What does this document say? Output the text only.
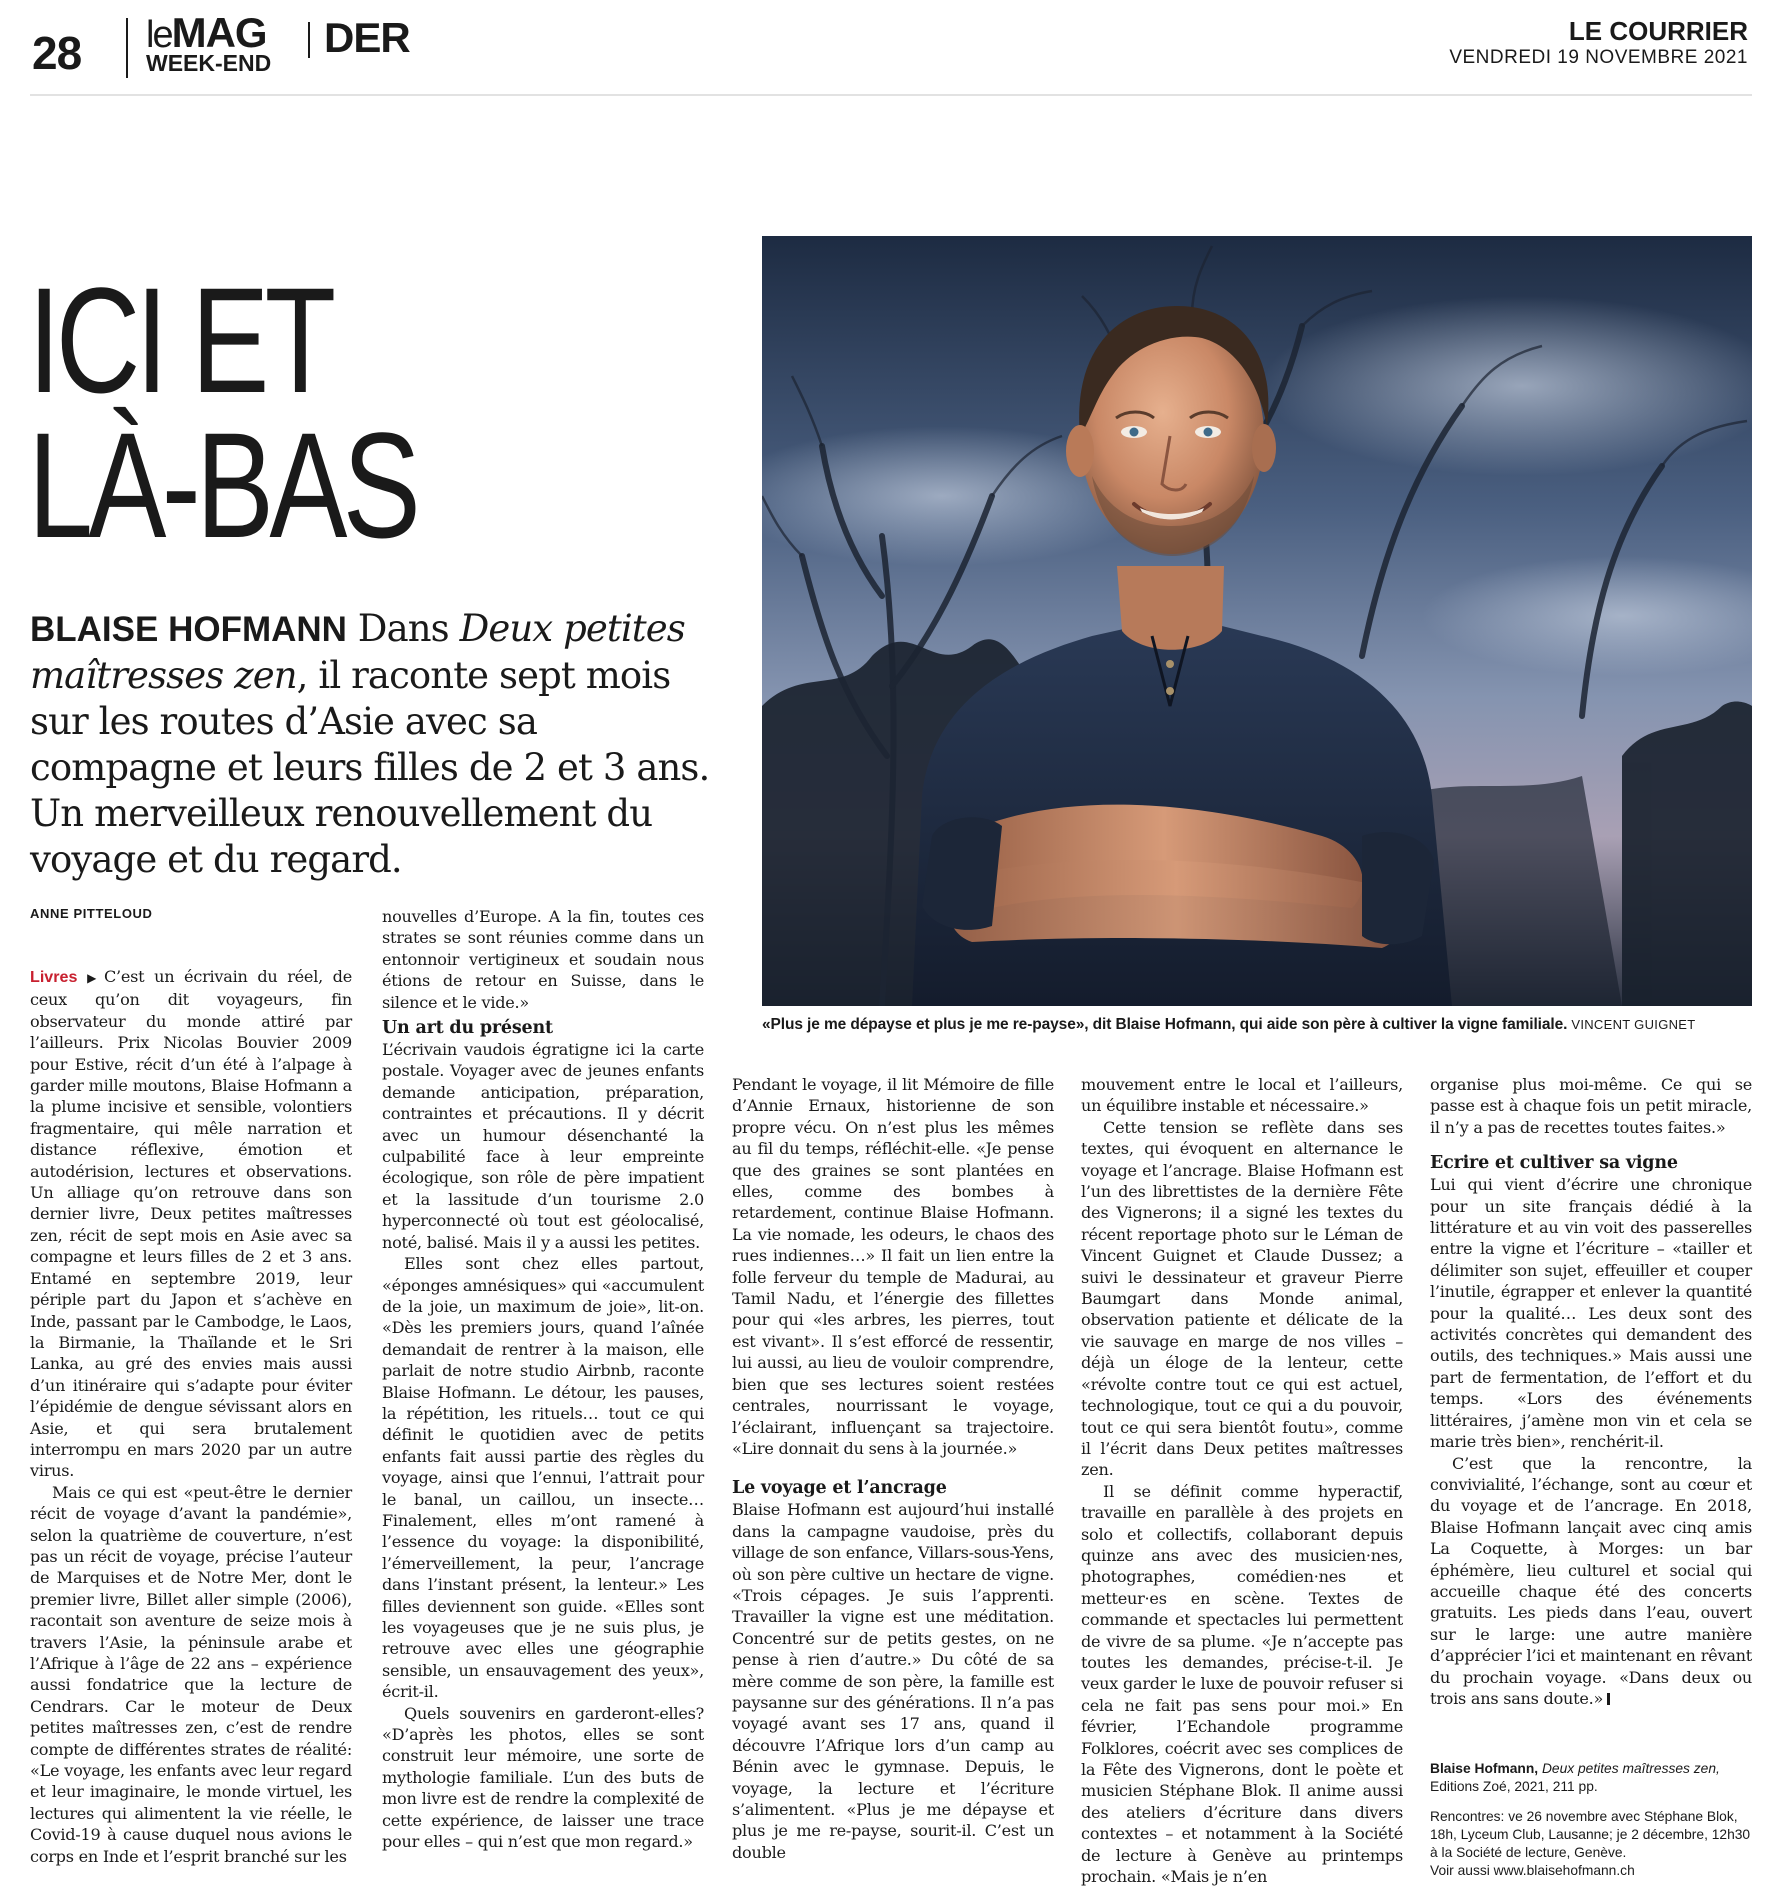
28 leMAG
WEEK-END
DER	LE COURRIER
VENDREDI 19 NOVEMBRE 2021
ICI ET
LÀ-BAS

«Plus je me dépayse et plus je me re-payse», dit Blaise Hofmann, qui aide son père à cultiver la vigne familiale. VINCENT GUIGNET

BLAISE HOFMANN Dans Deux petites maîtresses zen, il raconte sept mois sur les routes d’Asie avec sa compagne et leurs filles de 2 et 3 ans. Un merveilleux renouvellement du voyage et du regard.

ANNE PITTELOUD

Livres ▶ C’est un écrivain du réel, de ceux qu’on dit voyageurs, fin observateur du monde attiré par l’ailleurs. Prix Nicolas Bouvier 2009 pour Estive, récit d’un été à l’alpage à garder mille moutons, Blaise Hofmann a la plume incisive et sensible, volontiers fragmentaire, qui mêle narration et distance réflexive, émotion et autodérision, lectures et observations. Un alliage qu’on retrouve dans son dernier livre, Deux petites maîtresses zen, récit de sept mois en Asie avec sa compagne et leurs filles de 2 et 3 ans. Entamé en septembre 2019, leur périple part du Japon et s’achève en Inde, passant par le Cambodge, le Laos, la Birmanie, la Thaïlande et le Sri Lanka, au gré des envies mais aussi d’un itinéraire qui s’adapte pour éviter l’épidémie de dengue sévissant alors en Asie, et qui sera brutalement interrompu en mars 2020 par un autre virus.

Mais ce qui est «peut-être le dernier récit de voyage d’avant la pandémie», selon la quatrième de couverture, n’est pas un récit de voyage, précise l’auteur de Marquises et de Notre Mer, dont le premier livre, Billet aller simple (2006), racontait son aventure de seize mois à travers l’Asie, la péninsule arabe et l’Afrique à l’âge de 22 ans – expérience aussi fondatrice que la lecture de Cendrars. Car le moteur de Deux petites maîtresses zen, c’est de rendre compte de différentes strates de réalité: «Le voyage, les enfants avec leur regard et leur imaginaire, le monde virtuel, les lectures qui alimentent la vie réelle, le Covid-19 à cause duquel nous avions le corps en Inde et l’esprit branché sur les

nouvelles d’Europe. A la fin, toutes ces strates se sont réunies comme dans un entonnoir vertigineux et soudain nous étions de retour en Suisse, dans le silence et le vide.»

Un art du présent

L’écrivain vaudois égratigne ici la carte postale. Voyager avec de jeunes enfants demande anticipation, préparation, contraintes et précautions. Il y décrit avec un humour désenchanté la culpabilité face à leur empreinte écologique, son rôle de père impatient et la lassitude d’un tourisme 2.0 hyperconnecté où tout est géolocalisé, noté, balisé. Mais il y a aussi les petites.

Elles sont chez elles partout, «éponges amnésiques» qui «accumulent de la joie, un maximum de joie», lit-on. «Dès les premiers jours, quand l’aînée demandait de rentrer à la maison, elle parlait de notre studio Airbnb, raconte Blaise Hofmann. Le détour, les pauses, la répétition, les rituels… tout ce qui définit le quotidien avec de petits enfants fait aussi partie des règles du voyage, ainsi que l’ennui, l’attrait pour le banal, un caillou, un insecte… Finalement, elles m’ont ramené à l’essence du voyage: la disponibilité, l’émerveillement, la peur, l’ancrage dans l’instant présent, la lenteur.» Les filles deviennent son guide. «Elles sont les voyageuses que je ne suis plus, je retrouve avec elles une géographie sensible, un ensauvagement des yeux», écrit-il.

Quels souvenirs en garderont-elles? «D’après les photos, elles se sont construit leur mémoire, une sorte de mythologie familiale. L’un des buts de mon livre est de rendre la complexité de cette expérience, de laisser une trace pour elles – qui n’est que mon regard.»

Pendant le voyage, il lit Mémoire de fille d’Annie Ernaux, historienne de son propre vécu. On n’est plus les mêmes au fil du temps, réfléchit-elle. «Je pense que des graines se sont plantées en elles, comme des bombes à retardement, continue Blaise Hofmann. La vie nomade, les odeurs, le chaos des rues indiennes…» Il fait un lien entre la folle ferveur du temple de Madurai, au Tamil Nadu, et l’énergie des fillettes pour qui «les arbres, les pierres, tout est vivant». Il s’est efforcé de ressentir, lui aussi, au lieu de vouloir comprendre, bien que ses lectures soient restées centrales, nourrissant le voyage, l’éclairant, influençant sa trajectoire. «Lire donnait du sens à la journée.»

Le voyage et l’ancrage

Blaise Hofmann est aujourd’hui installé dans la campagne vaudoise, près du village de son enfance, Villars-sous-Yens, où son père cultive un hectare de vigne. «Trois cépages. Je suis l’apprenti. Travailler la vigne est une méditation. Concentré sur de petits gestes, on ne pense à rien d’autre.» Du côté de sa mère comme de son père, la famille est paysanne sur des générations. Il n’a pas voyagé avant ses 17 ans, quand il découvre l’Afrique lors d’un camp au Bénin avec le gymnase. Depuis, le voyage, la lecture et l’écriture s’alimentent. «Plus je me dépayse et plus je me re-payse, sourit-il. C’est un double

mouvement entre le local et l’ailleurs, un équilibre instable et nécessaire.»

Cette tension se reflète dans ses textes, qui évoquent en alternance le voyage et l’ancrage. Blaise Hofmann est l’un des librettistes de la dernière Fête des Vignerons; il a signé les textes du récent reportage photo sur le Léman de Vincent Guignet et Claude Dussez; a suivi le dessinateur et graveur Pierre Baumgart dans Monde animal, observation patiente et délicate de la vie sauvage en marge de nos villes – déjà un éloge de la lenteur, cette «révolte contre tout ce qui est actuel, technologique, tout ce qui a du pouvoir, tout ce qui sera bientôt foutu», comme il l’écrit dans Deux petites maîtresses zen.

Il se définit comme hyperactif, travaille en parallèle à des projets en solo et collectifs, collaborant depuis quinze ans avec des musicien·nes, photographes, comédien·nes et metteur·es en scène. Textes de commande et spectacles lui permettent de vivre de sa plume. «Je n’accepte pas toutes les demandes, précise-t-il. Je veux garder le luxe de pouvoir refuser si cela ne fait pas sens pour moi.» En février, l’Echandole programme Folklores, coécrit avec ses complices de la Fête des Vignerons, dont le poète et musicien Stéphane Blok. Il anime aussi des ateliers d’écriture dans divers contextes – et notamment à la Société de lecture à Genève au printemps prochain. «Mais je n’en

organise plus moi-même. Ce qui se passe est à chaque fois un petit miracle, il n’y a pas de recettes toutes faites.»

Ecrire et cultiver sa vigne

Lui qui vient d’écrire une chronique pour un site français dédié à la littérature et au vin voit des passerelles entre la vigne et l’écriture – «tailler et délimiter son sujet, effeuiller et couper l’inutile, égrapper et enlever la quantité pour la qualité… Les deux sont des activités concrètes qui demandent des outils, des techniques.» Mais aussi une part de fermentation, de l’effort et du temps. «Lors des événements littéraires, j’amène mon vin et cela se marie très bien», renchérit-il.

C’est que la rencontre, la convivialité, l’échange, sont au cœur et du voyage et de l’ancrage. En 2018, Blaise Hofmann lançait avec cinq amis La Coquette, à Morges: un bar éphémère, lieu culturel et social qui accueille chaque été des concerts gratuits. Les pieds dans l’eau, ouvert sur le large: une autre manière d’apprécier l’ici et maintenant en rêvant du prochain voyage. «Dans deux ou trois ans sans doute.»

Blaise Hofmann, Deux petites maîtresses zen,
Editions Zoé, 2021, 211 pp.
Rencontres: ve 26 novembre avec Stéphane Blok, 18h, Lyceum Club, Lausanne; je 2 décembre, 12h30 à la Société de lecture, Genève.
Voir aussi www.blaisehofmann.ch
